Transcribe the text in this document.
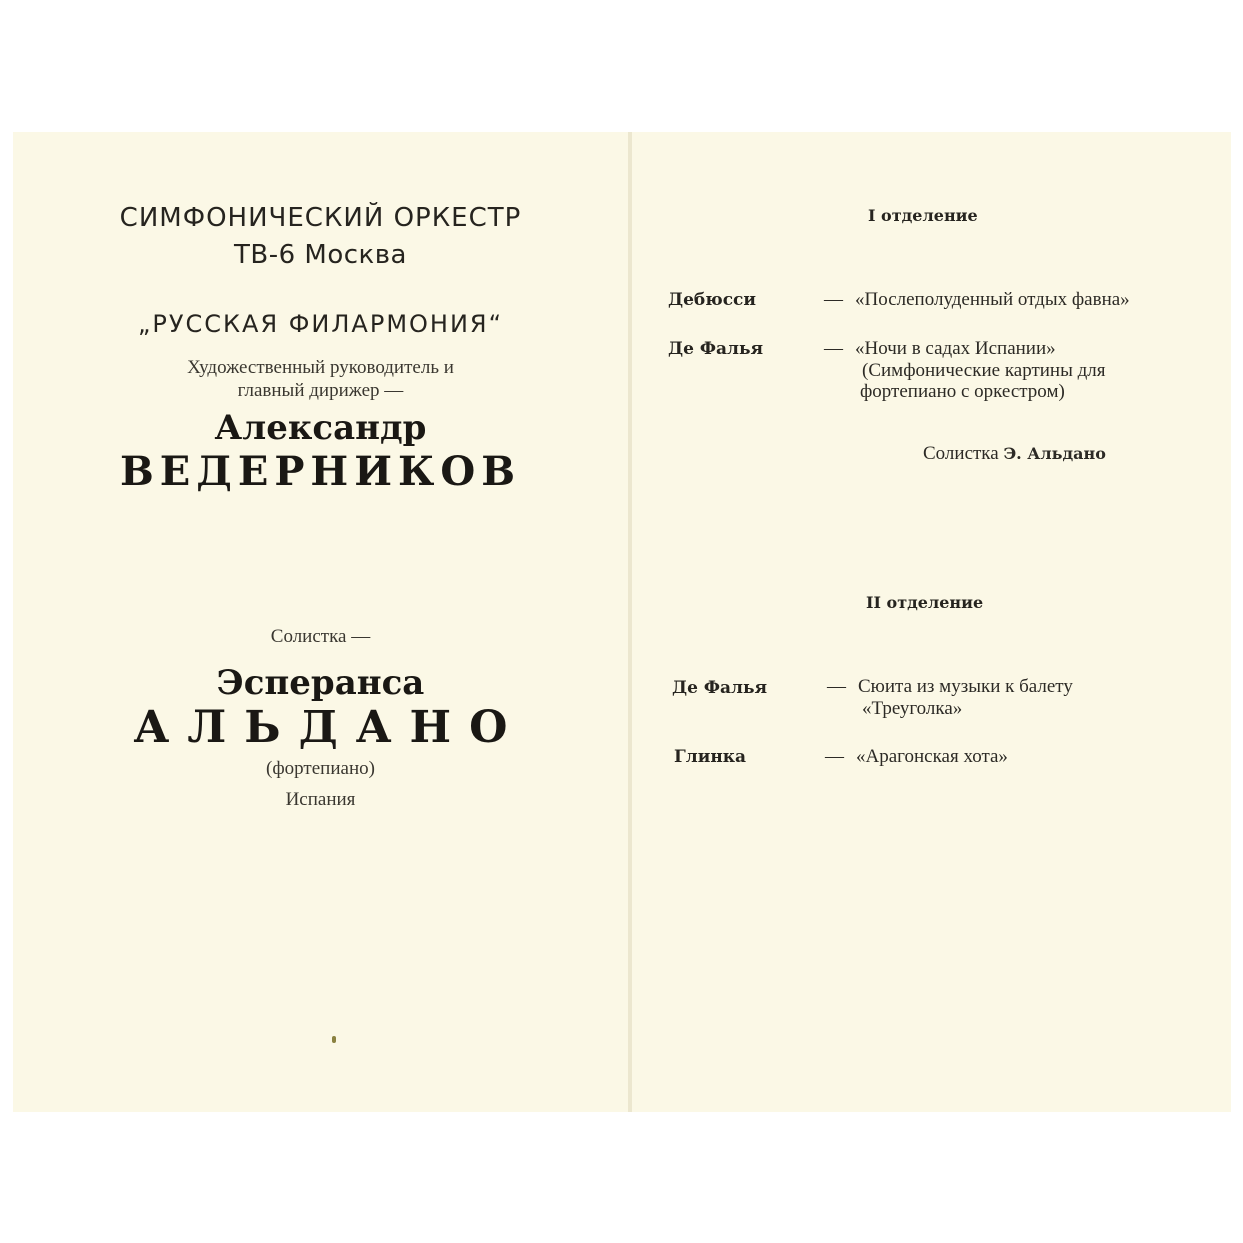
СИМФОНИЧЕСКИЙ ОРКЕСТР
ТВ-6 Москва
„РУССКАЯ ФИЛАРМОНИЯ“
Художественный руководитель и
главный дирижер —
Александр
ВЕДЕРНИКОВ
Солистка —
Эсперанса
АЛЬДАНО
(фортепиано)
Испания
I отделение
Дебюсси	— «Послеполуденный отдых фавна»
Де Фалья	— «Ночи в садах Испании»
(Симфонические картины для
фортепиано с оркестром)
Солистка Э. Альдано
II отделение
Де Фалья	— Сюита из музыки к балету
«Треуголка»
Глинка	— «Арагонская хота»
